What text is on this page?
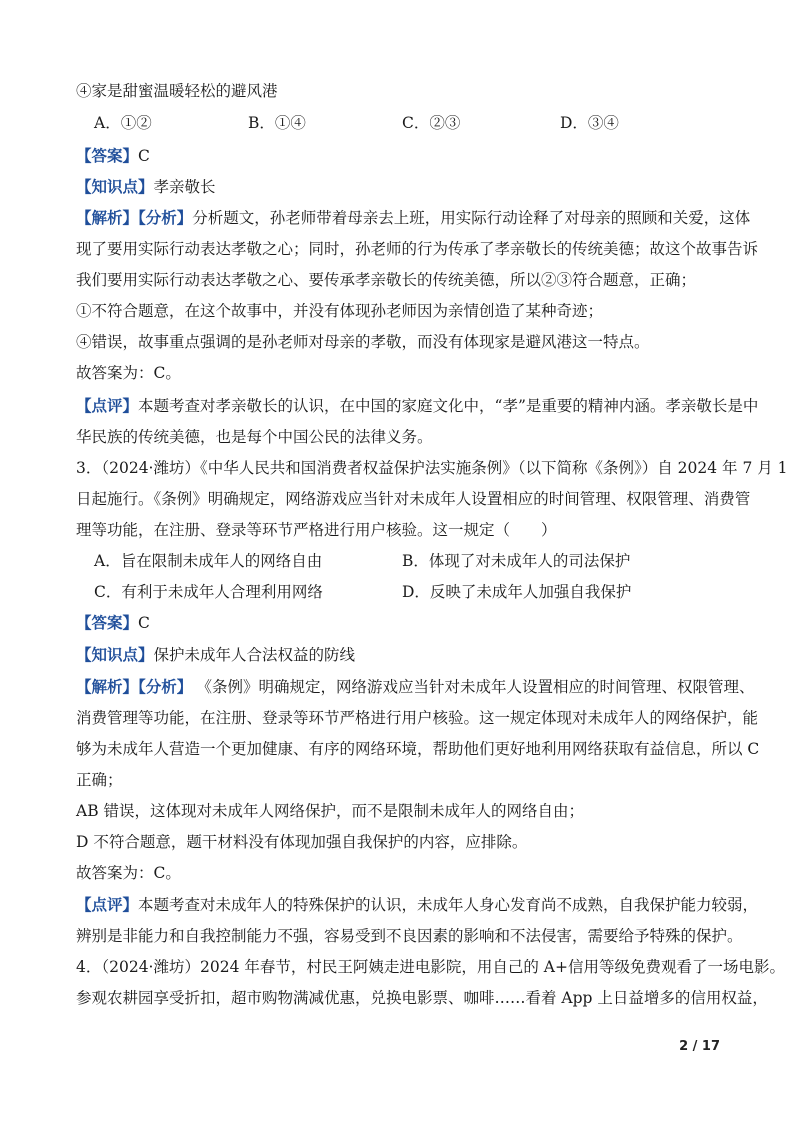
④家是甜蜜温暖轻松的避风港
A．①②	B．①④	C．②③	D．③④
【答案】C
【知识点】孝亲敬长
【解析】【分析】分析题文，孙老师带着母亲去上班，用实际行动诠释了对母亲的照顾和关爱，这体
现了要用实际行动表达孝敬之心；同时，孙老师的行为传承了孝亲敬长的传统美德；故这个故事告诉
我们要用实际行动表达孝敬之心、要传承孝亲敬长的传统美德，所以②③符合题意，正确；
①不符合题意，在这个故事中，并没有体现孙老师因为亲情创造了某种奇迹；
④错误，故事重点强调的是孙老师对母亲的孝敬，而没有体现家是避风港这一特点。
故答案为：C。
【点评】本题考查对孝亲敬长的认识，在中国的家庭文化中，“孝”是重要的精神内涵。孝亲敬长是中
华民族的传统美德，也是每个中国公民的法律义务。
3．（2024·潍坊）《中华人民共和国消费者权益保护法实施条例》（以下简称《条例》）自 2024 年 7 月 1
日起施行。《条例》明确规定，网络游戏应当针对未成年人设置相应的时间管理、权限管理、消费管
理等功能，在注册、登录等环节严格进行用户核验。这一规定（　　）
A．旨在限制未成年人的网络自由	B．体现了对未成年人的司法保护
C．有利于未成年人合理利用网络	D．反映了未成年人加强自我保护
【答案】C
【知识点】保护未成年人合法权益的防线
【解析】【分析】 《条例》明确规定，网络游戏应当针对未成年人设置相应的时间管理、权限管理、
消费管理等功能，在注册、登录等环节严格进行用户核验。这一规定体现对未成年人的网络保护，能
够为未成年人营造一个更加健康、有序的网络环境，帮助他们更好地利用网络获取有益信息，所以 C
正确；
AB 错误，这体现对未成年人网络保护，而不是限制未成年人的网络自由；
D 不符合题意，题干材料没有体现加强自我保护的内容，应排除。
故答案为：C。
【点评】本题考查对未成年人的特殊保护的认识，未成年人身心发育尚不成熟，自我保护能力较弱，
辨别是非能力和自我控制能力不强，容易受到不良因素的影响和不法侵害，需要给予特殊的保护。
4．（2024·潍坊）2024 年春节，村民王阿姨走进电影院，用自己的 A+信用等级免费观看了一场电影。
参观农耕园享受折扣，超市购物满减优惠，兑换电影票、咖啡……看着 App 上日益增多的信用权益，
2 / 17
